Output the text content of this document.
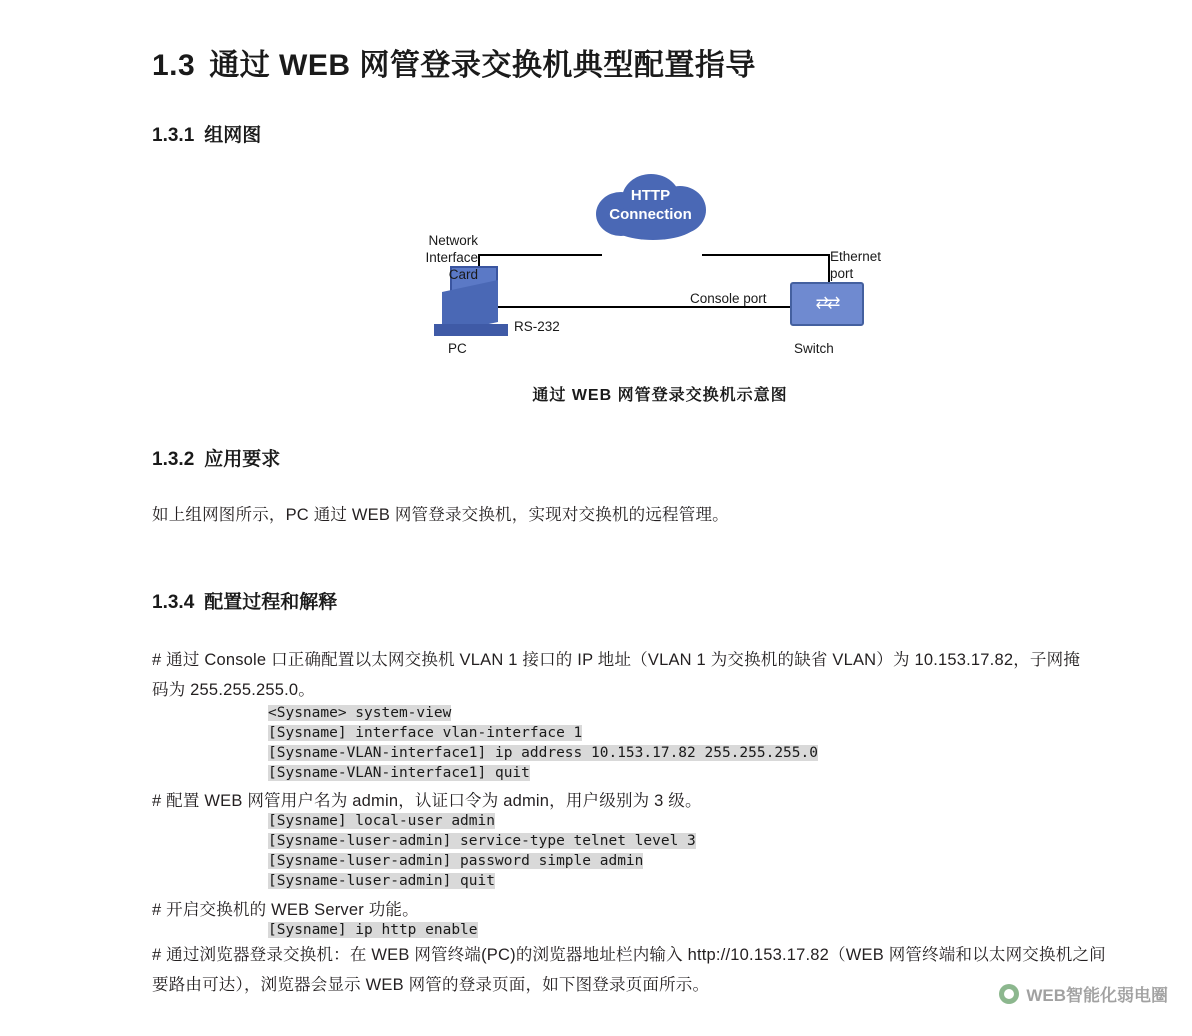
1.3 通过 WEB 网管登录交换机典型配置指导
1.3.1 组网图
HTTP
Connection
⇄⇄
Network
Interface
Card
PC
RS-232
Ethernet
port
Console port
Switch
通过 WEB 网管登录交换机示意图
1.3.2 应用要求
如上组网图所示，PC 通过 WEB 网管登录交换机，实现对交换机的远程管理。
1.3.4 配置过程和解释
# 通过 Console 口正确配置以太网交换机 VLAN 1 接口的 IP 地址（VLAN 1 为交换机的缺省 VLAN）为 10.153.17.82，子网掩码为 255.255.255.0。
<Sysname> system-view
[Sysname] interface vlan-interface 1
[Sysname-VLAN-interface1] ip address 10.153.17.82 255.255.255.0
[Sysname-VLAN-interface1] quit
# 配置 WEB 网管用户名为 admin，认证口令为 admin，用户级别为 3 级。
[Sysname] local-user admin
[Sysname-luser-admin] service-type telnet level 3
[Sysname-luser-admin] password simple admin
[Sysname-luser-admin] quit
# 开启交换机的 WEB Server 功能。
[Sysname] ip http enable
# 通过浏览器登录交换机：在 WEB 网管终端(PC)的浏览器地址栏内输入 http://10.153.17.82（WEB 网管终端和以太网交换机之间要路由可达），浏览器会显示 WEB 网管的登录页面，如下图登录页面所示。
WEB智能化弱电圈
